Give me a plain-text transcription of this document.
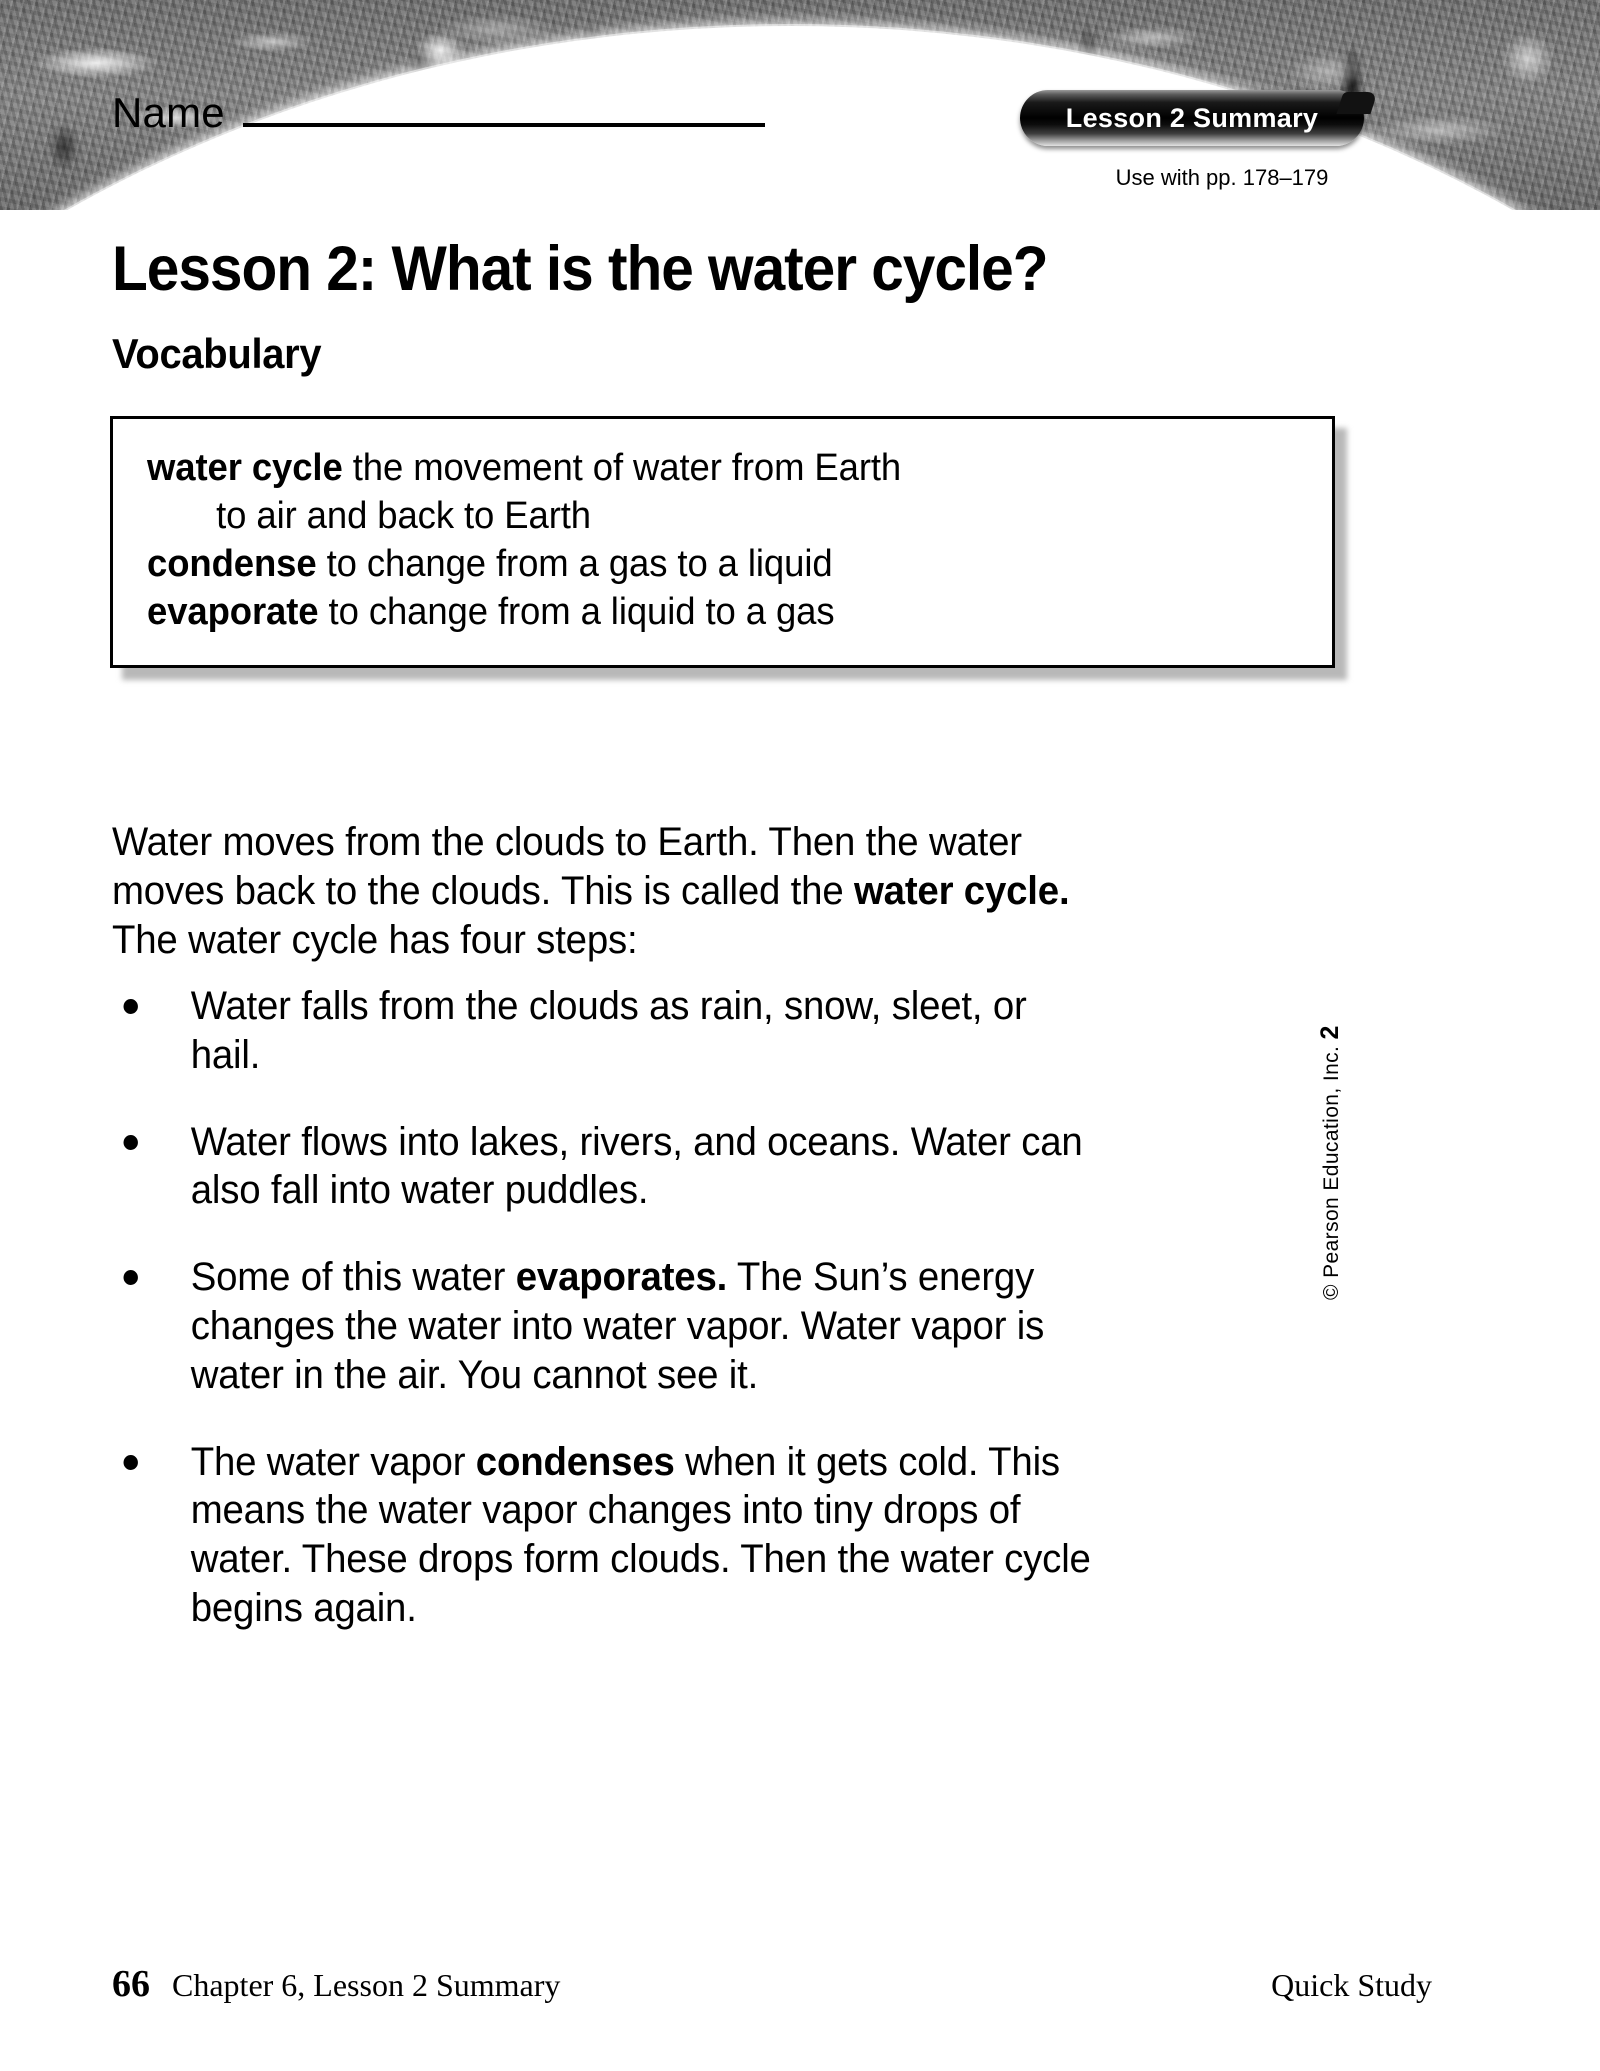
Name	Lesson 2 Summary
Use with pp. 178–179
Lesson 2: What is the water cycle?
Vocabulary
water cycle the movement of water from Earth
to air and back to Earth
condense to change from a gas to a liquid
evaporate to change from a liquid to a gas

Water moves from the clouds to Earth. Then the water moves back to the clouds. This is called the water cycle. The water cycle has four steps:

Water falls from the clouds as rain, snow, sleet, or hail.
Water flows into lakes, rivers, and oceans. Water can also fall into water puddles.
Some of this water evaporates. The Sun’s energy changes the water into water vapor. Water vapor is water in the air. You cannot see it.
The water vapor condenses when it gets cold. This means the water vapor changes into tiny drops of water. These drops form clouds. Then the water cycle begins again.
© Pearson Education, Inc. 2
66 Chapter 6, Lesson 2 Summary	Quick Study
